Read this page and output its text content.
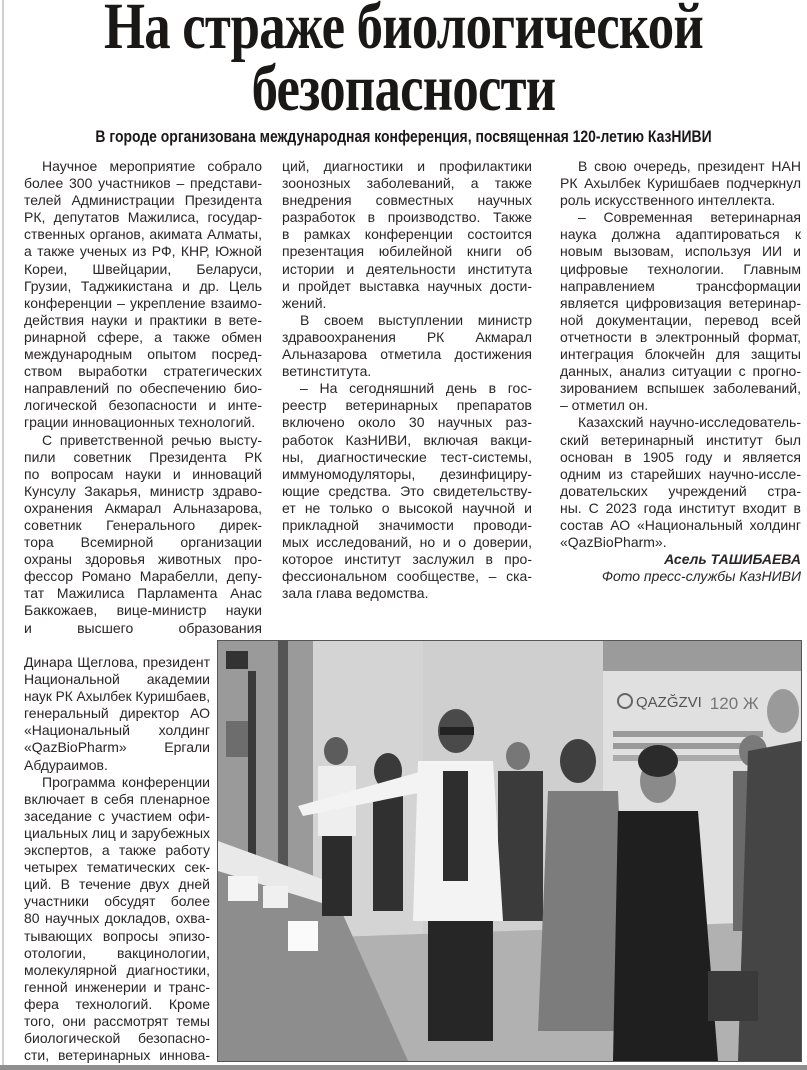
На страже биологической
безопасности
В городе организована международная конференция, посвященная 120-летию КазНИВИ
Научное мероприятие собрало
более 300 участников – представи-
телей Администрации Президента
РК, депутатов Мажилиса, государ-
ственных органов, акимата Алматы,
а также ученых из РФ, КНР, Южной
Кореи, Швейцарии, Беларуси,
Грузии, Таджикистана и др. Цель
конференции – укрепление взаимо-
действия науки и практики в вете-
ринарной сфере, а также обмен
международным опытом посред-
ством выработки стратегических
направлений по обеспечению био-
логической безопасности и инте-
грации инновационных технологий.
С приветственной речью высту-
пили советник Президента РК
по вопросам науки и инноваций
Кунсулу Закарья, министр здраво-
охранения Акмарал Альназарова,
советник Генерального дирек-
тора Всемирной организации
охраны здоровья животных про-
фессор Романо Марабелли, депу-
тат Мажилиса Парламента Анас
Баккожаев, вице-министр науки
и высшего образования
Динара Щеглова, президент
Национальной академии
наук РК Ахылбек Куришбаев,
генеральный директор АО
«Национальный холдинг
«QazBioPharm» Ергали
Абдураимов.
Программа конференции
включает в себя пленарное
заседание с участием офи-
циальных лиц и зарубежных
экспертов, а также работу
четырех тематических сек-
ций. В течение двух дней
участники обсудят более
80 научных докладов, охва-
тывающих вопросы эпизо-
отологии, вакцинологии,
молекулярной диагностики,
генной инженерии и транс-
фера технологий. Кроме
того, они рассмотрят темы
биологической безопасно-
сти, ветеринарных иннова-
ций, диагностики и профилактики
зоонозных заболеваний, а также
внедрения совместных научных
разработок в производство. Также
в рамках конференции состоится
презентация юбилейной книги об
истории и деятельности института
и пройдет выставка научных дости-
жений.
В своем выступлении министр
здравоохранения РК Акмарал
Альназарова отметила достижения
ветинститута.
– На сегодняшний день в гос-
реестр ветеринарных препаратов
включено около 30 научных раз-
работок КазНИВИ, включая вакци-
ны, диагностические тест-системы,
иммуномодуляторы, дезинфициру-
ющие средства. Это свидетельству-
ет не только о высокой научной и
прикладной значимости проводи-
мых исследований, но и о доверии,
которое институт заслужил в про-
фессиональном сообществе, – ска-
зала глава ведомства.
В свою очередь, президент НАН
РК Ахылбек Куришбаев подчеркнул
роль искусственного интеллекта.
– Современная ветеринарная
наука должна адаптироваться к
новым вызовам, используя ИИ и
цифровые технологии. Главным
направлением трансформации
является цифровизация ветеринар-
ной документации, перевод всей
отчетности в электронный формат,
интеграция блокчейн для защиты
данных, анализ ситуации с прогно-
зированием вспышек заболеваний,
– отметил он.
Казахский научно-исследователь-
ский ветеринарный институт был
основан в 1905 году и является
одним из старейших научно-иссле-
довательских учреждений стра-
ны. С 2023 года институт входит в
состав АО «Национальный холдинг
«QazBioPharm».
Асель ТАШИБАЕВА
Фото пресс-службы КазНИВИ
QAZĞZVI 120 Ж
